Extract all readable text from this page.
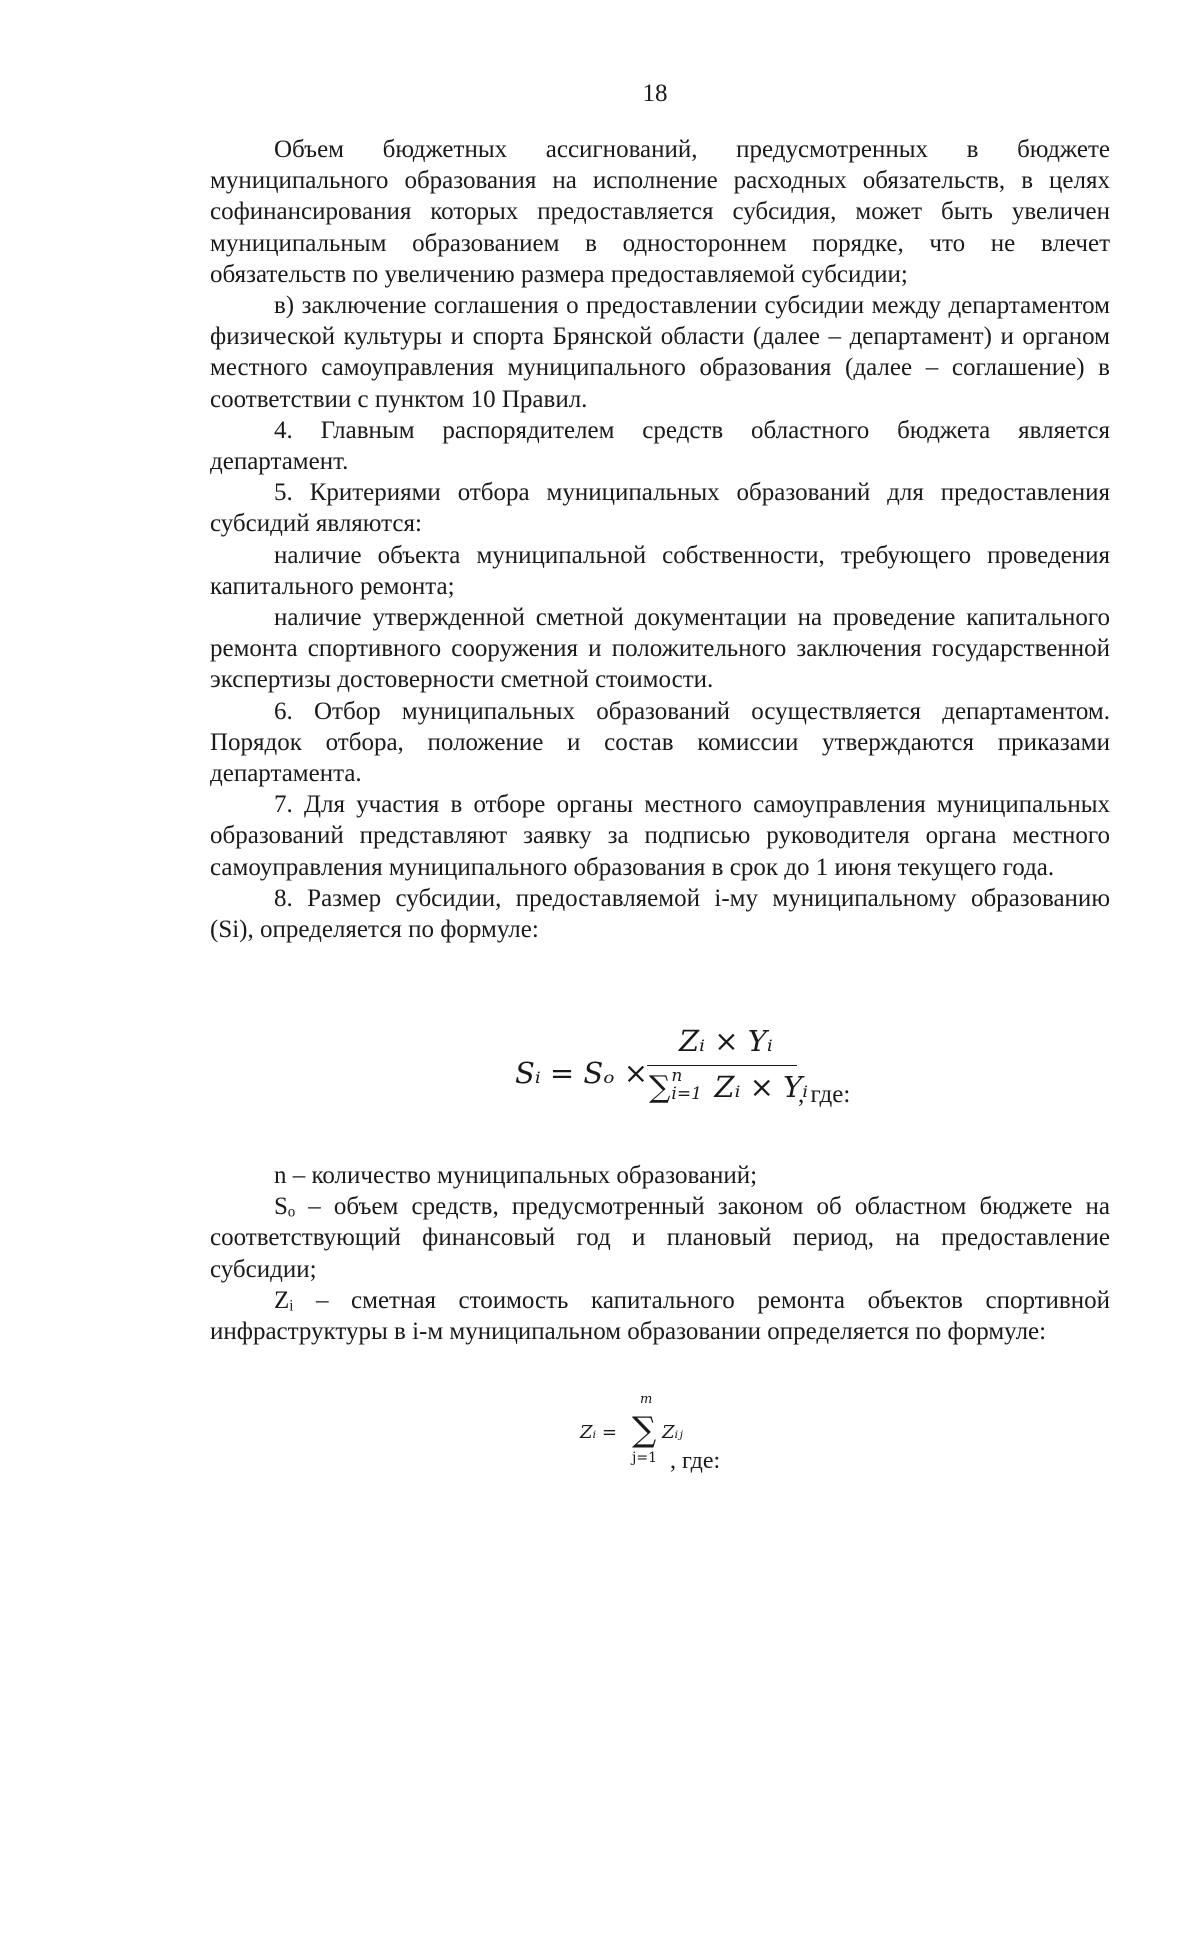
18

Объем бюджетных ассигнований, предусмотренных в бюджете муниципального образования на исполнение расходных обязательств, в целях софинансирования которых предоставляется субсидия, может быть увеличен муниципальным образованием в одностороннем порядке, что не влечет обязательств по увеличению размера предоставляемой субсидии;

в) заключение соглашения о предоставлении субсидии между департаментом физической культуры и спорта Брянской области (далее – департамент) и органом местного самоуправления муниципального образования (далее – соглашение) в соответствии с пунктом 10 Правил.

4. Главным распорядителем средств областного бюджета является департамент.

5. Критериями отбора муниципальных образований для предоставления субсидий являются:

наличие объекта муниципальной собственности, требующего проведения капитального ремонта;

наличие утвержденной сметной документации на проведение капитального ремонта спортивного сооружения и положительного заключения государственной экспертизы достоверности сметной стоимости.

6. Отбор муниципальных образований осуществляется департаментом. Порядок отбора, положение и состав комиссии утверждаются приказами департамента.

7. Для участия в отборе органы местного самоуправления муниципальных образований представляют заявку за подписью руководителя органа местного самоуправления муниципального образования в срок до 1 июня текущего года.

8. Размер субсидии, предоставляемой i-му муниципальному образованию (Si), определяется по формуле:

Sᵢ = Sₒ ×
Zᵢ × Yᵢ
∑ n
i=1 Zᵢ × Yᵢ
, где:

n – количество муниципальных образований;

Sₒ – объем средств, предусмотренный законом об областном бюджете на соответствующий финансовый год и плановый период, на предоставление субсидии;

Zᵢ – сметная стоимость капитального ремонта объектов спортивной инфраструктуры в i-м муниципальном образовании определяется по формуле:

Zᵢ =
m
∑ Zᵢⱼ
j=1 , где:
